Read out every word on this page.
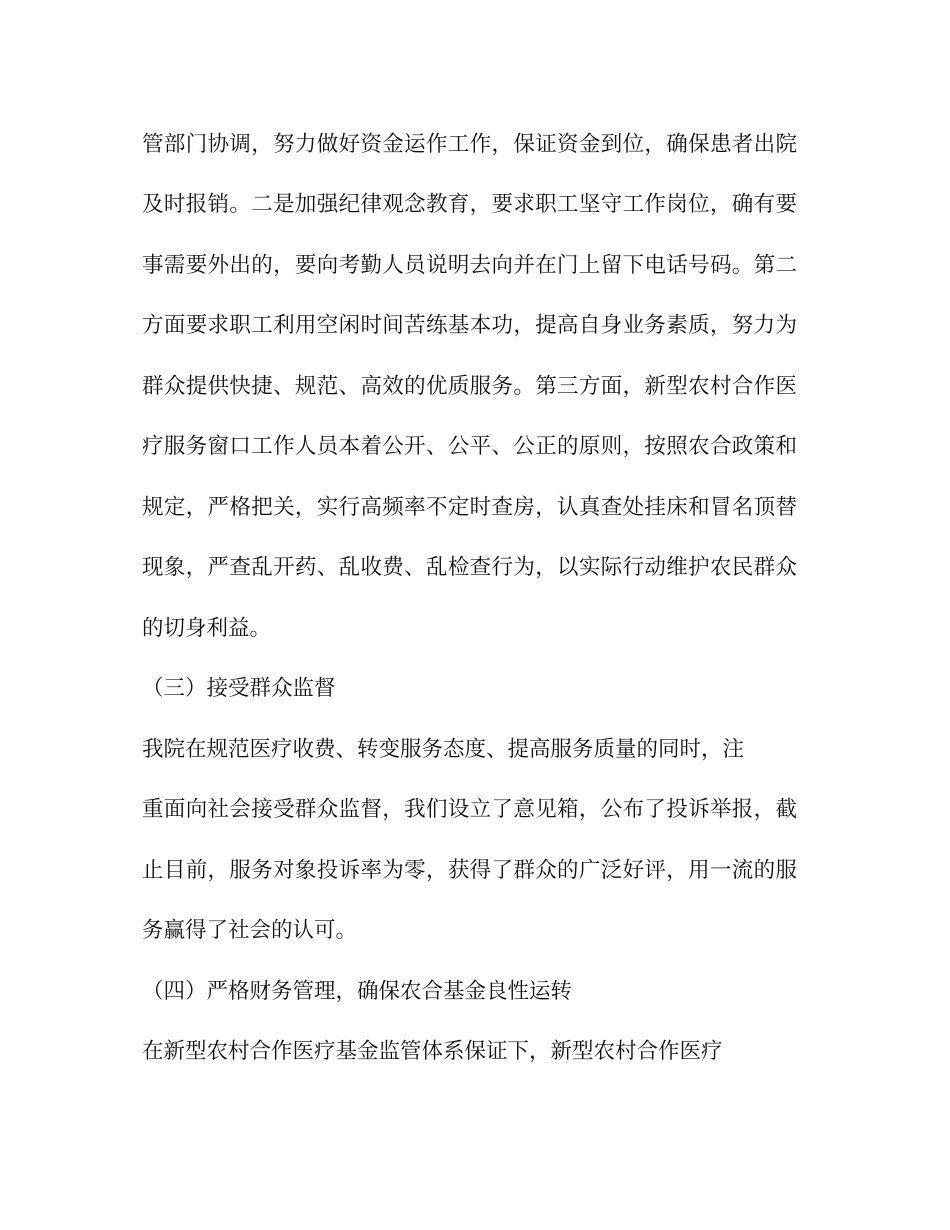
管部门协调，努力做好资金运作工作，保证资金到位，确保患者出院
及时报销。二是加强纪律观念教育，要求职工坚守工作岗位，确有要
事需要外出的，要向考勤人员说明去向并在门上留下电话号码。第二
方面要求职工利用空闲时间苦练基本功，提高自身业务素质，努力为
群众提供快捷、规范、高效的优质服务。第三方面，新型农村合作医
疗服务窗口工作人员本着公开、公平、公正的原则，按照农合政策和
规定，严格把关，实行高频率不定时查房，认真查处挂床和冒名顶替
现象，严查乱开药、乱收费、乱检查行为，以实际行动维护农民群众
的切身利益。
（三）接受群众监督
我院在规范医疗收费、转变服务态度、提高服务质量的同时，注
重面向社会接受群众监督，我们设立了意见箱，公布了投诉举报，截
止目前，服务对象投诉率为零，获得了群众的广泛好评，用一流的服
务赢得了社会的认可。
（四）严格财务管理，确保农合基金良性运转
在新型农村合作医疗基金监管体系保证下，新型农村合作医疗
